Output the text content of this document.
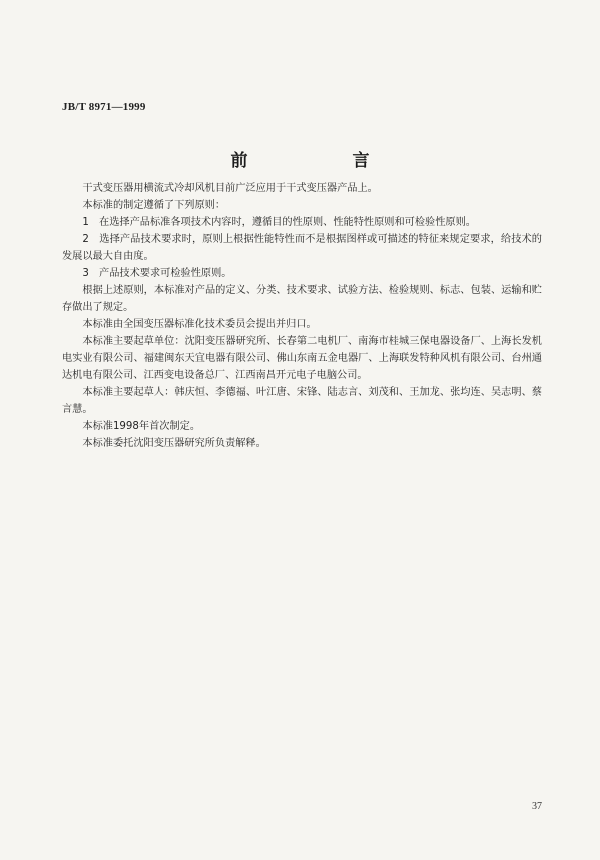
JB/T 8971—1999
前　言

干式变压器用横流式冷却风机目前广泛应用于干式变压器产品上。

本标准的制定遵循了下列原则：

1　在选择产品标准各项技术内容时，遵循目的性原则、性能特性原则和可检验性原则。

2　选择产品技术要求时，原则上根据性能特性而不是根据图样或可描述的特征来规定要求，给技术的发展以最大自由度。

3　产品技术要求可检验性原则。

根据上述原则，本标准对产品的定义、分类、技术要求、试验方法、检验规则、标志、包装、运输和贮存做出了规定。

本标准由全国变压器标准化技术委员会提出并归口。

本标准主要起草单位：沈阳变压器研究所、长春第二电机厂、南海市桂城三保电器设备厂、上海长发机电实业有限公司、福建闽东天宜电器有限公司、佛山东南五金电器厂、上海联发特种风机有限公司、台州通达机电有限公司、江西变电设备总厂、江西南昌开元电子电脑公司。

本标准主要起草人：韩庆恒、李德福、叶江唐、宋锋、陆志言、刘茂和、王加龙、张均连、吴志明、蔡言慧。

本标准1998年首次制定。

本标准委托沈阳变压器研究所负责解释。

37
